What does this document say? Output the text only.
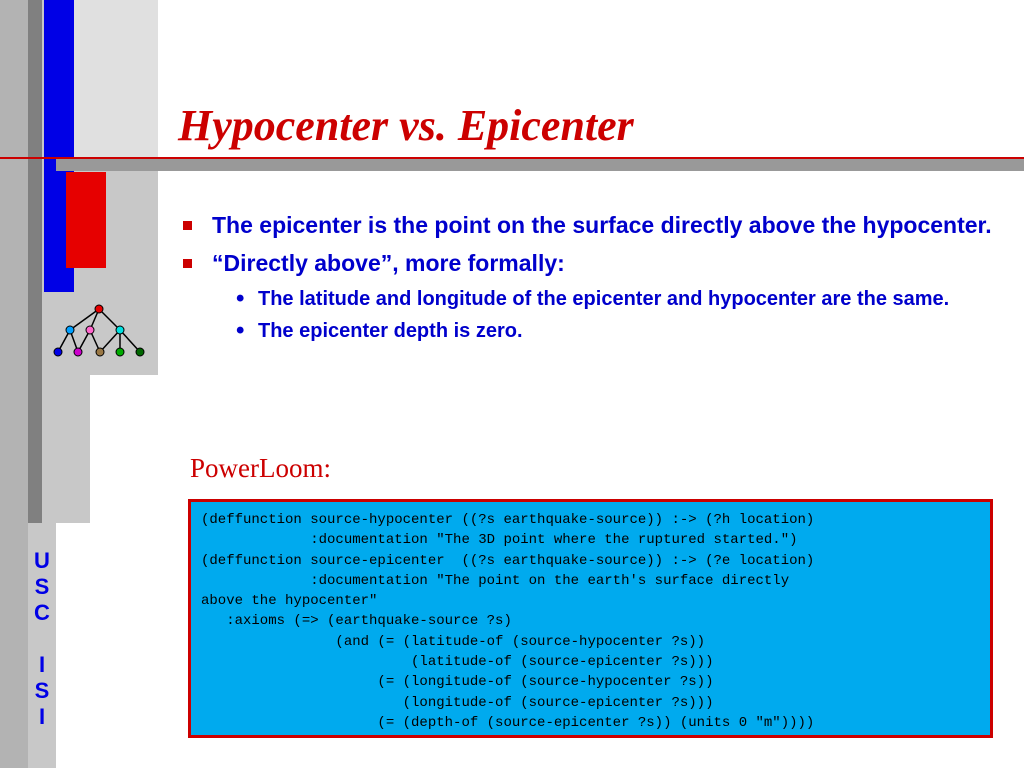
U
S
C

I
S
I
Hypocenter vs. Epicenter
The epicenter is the point on the surface directly above the hypocenter.
“Directly above”, more formally:
• The latitude and longitude of the epicenter and hypocenter are the same.
• The epicenter depth is zero.
PowerLoom:
(deffunction source-hypocenter ((?s earthquake-source)) :-> (?h location)
:documentation "The 3D point where the ruptured started.")
(deffunction source-epicenter  ((?s earthquake-source)) :-> (?e location)
:documentation "The point on the earth's surface directly
above the hypocenter"
:axioms (=> (earthquake-source ?s)
(and (= (latitude-of (source-hypocenter ?s))
(latitude-of (source-epicenter ?s)))
(= (longitude-of (source-hypocenter ?s))
(longitude-of (source-epicenter ?s)))
(= (depth-of (source-epicenter ?s)) (units 0 "m"))))
